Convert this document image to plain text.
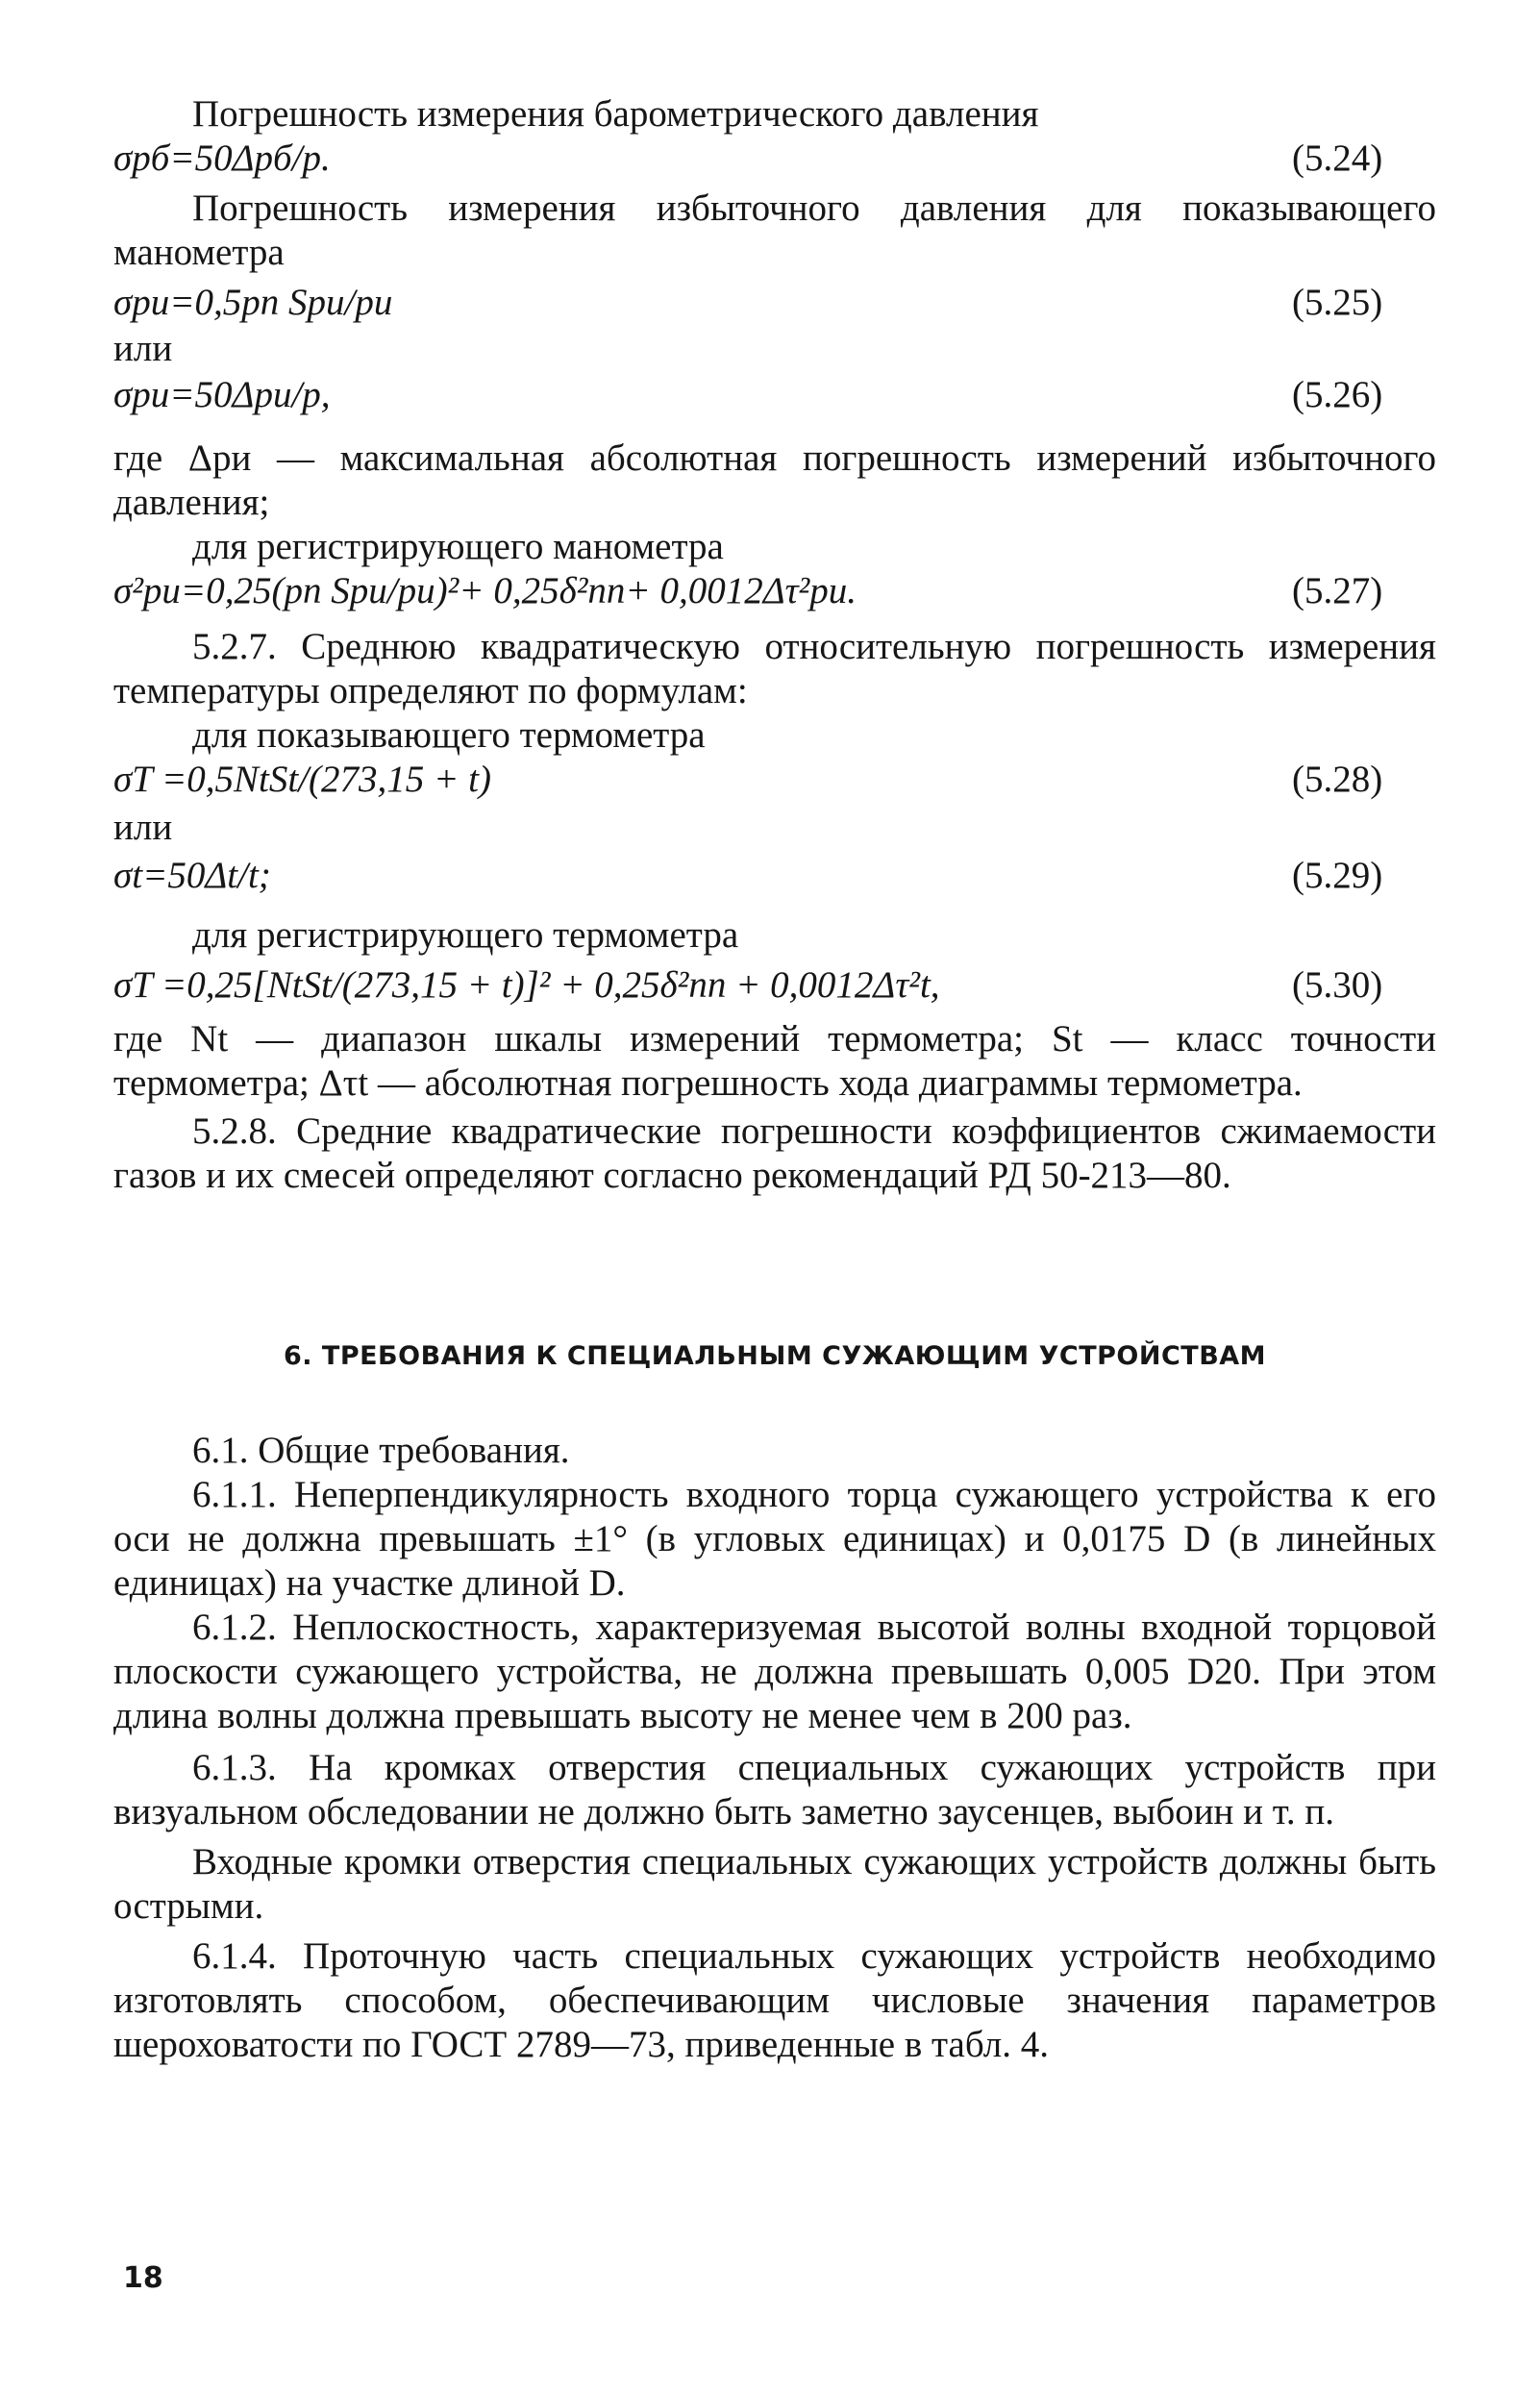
Погрешность измерения барометрического давления

σрб=50Δрб/р.	(5.24)

Погрешность измерения избыточного давления для показывающего манометра

σри=0,5рп Sри/ри	(5.25)

или

σри=50Δри/р,	(5.26)

где Δри — максимальная абсолютная погрешность измерений избыточного давления;

для регистрирующего манометра

σ²ри=0,25(рп Sри/ри)²+ 0,25δ²пп+ 0,0012Δτ²ри.	(5.27)

5.2.7. Среднюю квадратическую относительную погрешность измерения температуры определяют по формулам:

для показывающего термометра

σT =0,5NtSt/(273,15 + t)	(5.28)

или

σt=50Δt/t;	(5.29)

для регистрирующего термометра

σT =0,25[NtSt/(273,15 + t)]² + 0,25δ²пп + 0,0012Δτ²t,	(5.30)

где Nt — диапазон шкалы измерений термометра; St — класс точности термометра; Δτt — абсолютная погрешность хода диаграммы термометра.

5.2.8. Средние квадратические погрешности коэффициентов сжимаемости газов и их смесей определяют согласно рекомендаций РД 50-213—80.

6. ТРЕБОВАНИЯ К СПЕЦИАЛЬНЫМ СУЖАЮЩИМ УСТРОЙСТВАМ

6.1. Общие требования.

6.1.1. Неперпендикулярность входного торца сужающего устройства к его оси не должна превышать ±1° (в угловых единицах) и 0,0175 D (в линейных единицах) на участке длиной D.

6.1.2. Неплоскостность, характеризуемая высотой волны входной торцовой плоскости сужающего устройства, не должна превышать 0,005 D20. При этом длина волны должна превышать высоту не менее чем в 200 раз.

6.1.3. На кромках отверстия специальных сужающих устройств при визуальном обследовании не должно быть заметно заусенцев, выбоин и т. п.

Входные кромки отверстия специальных сужающих устройств должны быть острыми.

6.1.4. Проточную часть специальных сужающих устройств необходимо изготовлять способом, обеспечивающим числовые значения параметров шероховатости по ГОСТ 2789—73, приведенные в табл. 4.

18
